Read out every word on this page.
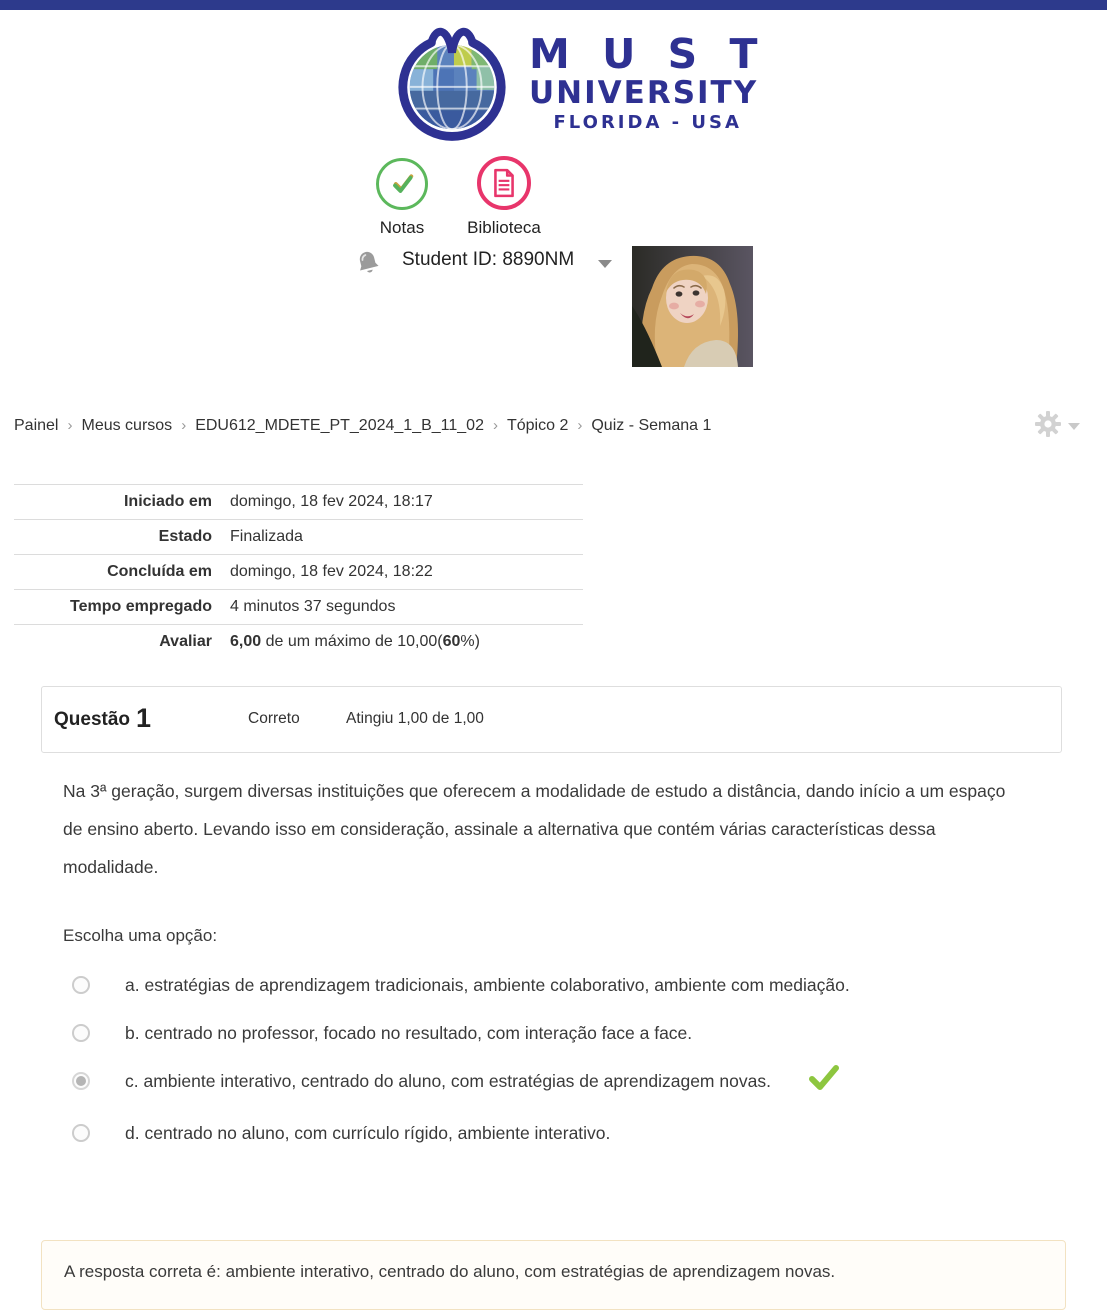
M U S T
UNIVERSITY
FLORIDA - USA
Notas	Biblioteca
Student ID: 8890NM
Painel › Meus cursos › EDU612_MDETE_PT_2024_1_B_11_02 › Tópico 2 › Quiz - Semana 1
Iniciado em	domingo, 18 fev 2024, 18:17
Estado	Finalizada
Concluída em	domingo, 18 fev 2024, 18:22
Tempo empregado	4 minutos 37 segundos
Avaliar	6,00 de um máximo de 10,00(60%)
Questão 1	Correto	Atingiu 1,00 de 1,00
Na 3ª geração, surgem diversas instituições que oferecem a modalidade de estudo a distância, dando início a um espaço de ensino aberto. Levando isso em consideração, assinale a alternativa que contém várias características dessa modalidade.
Escolha uma opção:
a. estratégias de aprendizagem tradicionais, ambiente colaborativo, ambiente com mediação.
b. centrado no professor, focado no resultado, com interação face a face.
c. ambiente interativo, centrado do aluno, com estratégias de aprendizagem novas.
d. centrado no aluno, com currículo rígido, ambiente interativo.
A resposta correta é: ambiente interativo, centrado do aluno, com estratégias de aprendizagem novas.
